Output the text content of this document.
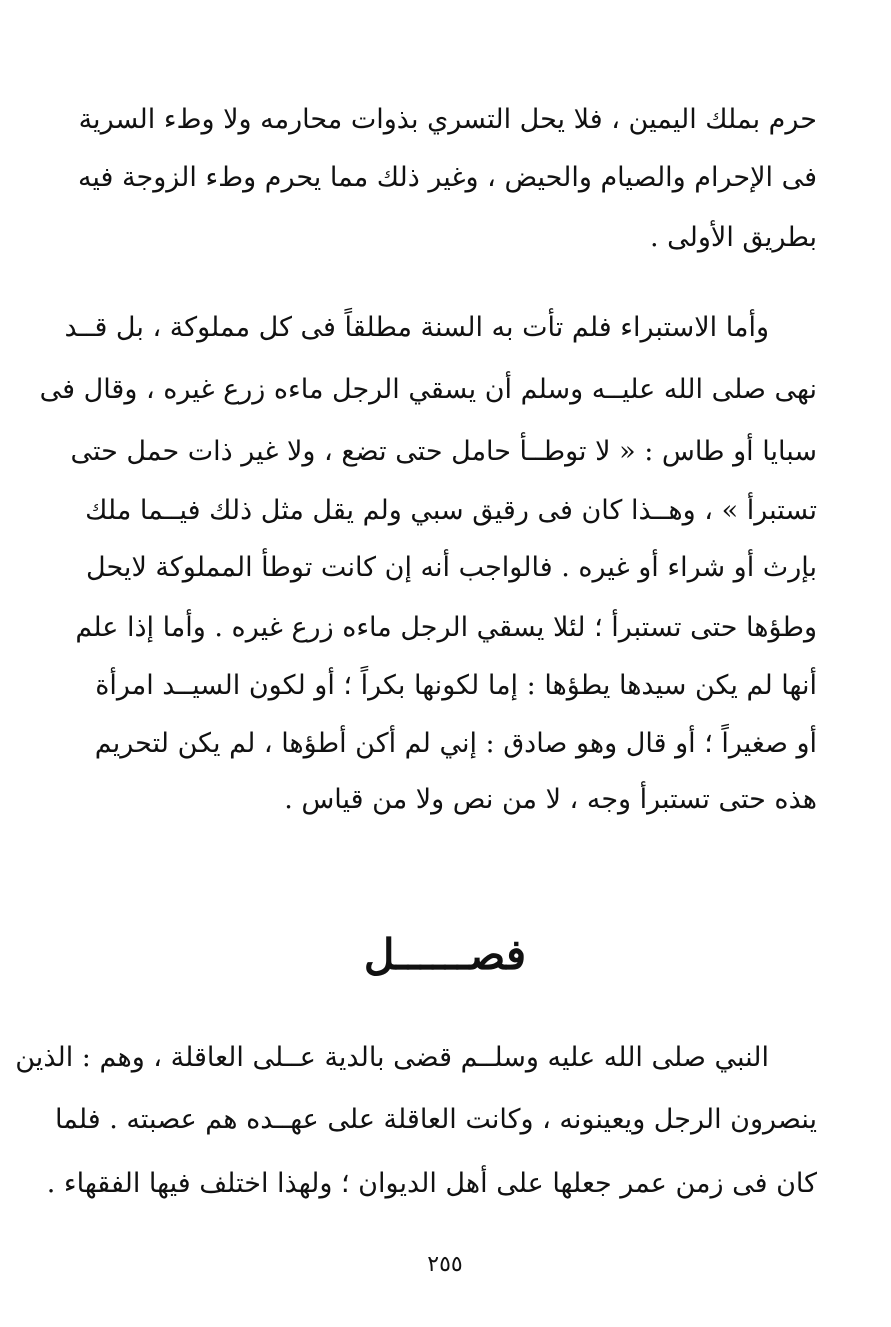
حرم بملك اليمين ، فلا يحل التسري بذوات محارمه ولا وطء السرية
فى الإحرام والصيام والحيض ، وغير ذلك مما يحرم وطء الزوجة فيه
بطريق الأولى .
وأما الاستبراء فلم تأت به السنة مطلقاً فى كل مملوكة ، بل قــد
نهى صلى الله عليــه وسلم أن يسقي الرجل ماءه زرع غيره ، وقال فى
سبايا أو طاس : « لا توطــأ حامل حتى تضع ، ولا غير ذات حمل حتى
تستبرأ » ، وهــذا كان فى رقيق سبي ولم يقل مثل ذلك فيــما ملك
بإرث أو شراء أو غيره . فالواجب أنه إن كانت توطأ المملوكة لايحل
وطؤها حتى تستبرأ ؛ لئلا يسقي الرجل ماءه زرع غيره . وأما إذا علم
أنها لم يكن سيدها يطؤها : إما لكونها بكراً ؛ أو لكون السيــد امرأة
أو صغيراً ؛ أو قال وهو صادق : إني لم أكن أطؤها ، لم يكن لتحريم
هذه حتى تستبرأ وجه ، لا من نص ولا من قياس .
فصــــــل
النبي صلى الله عليه وسلــم قضى بالدية عــلى العاقلة ، وهم : الذين
ينصرون الرجل ويعينونه ، وكانت العاقلة على عهــده هم عصبته . فلما
كان فى زمن عمر جعلها على أهل الديوان ؛ ولهذا اختلف فيها الفقهاء .
٢٥٥
